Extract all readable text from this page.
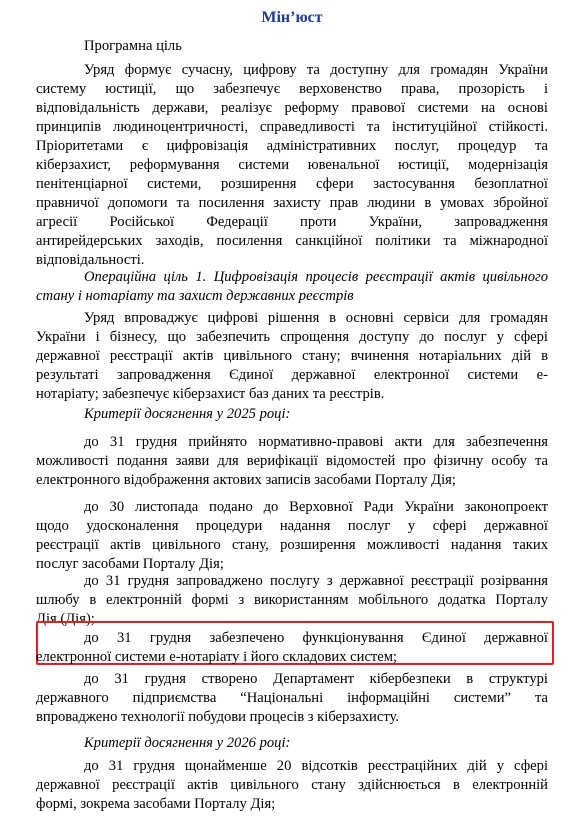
Мін’юст
Програмна ціль
Уряд формує сучасну, цифрову та доступну для громадян України
систему юстиції, що забезпечує верховенство права, прозорість і
відповідальність держави, реалізує реформу правової системи на основі
принципів людиноцентричності, справедливості та інституційної стійкості.
Пріоритетами є цифровізація адміністративних послуг, процедур та
кіберзахист, реформування системи ювенальної юстиції, модернізація
пенітенціарної системи, розширення сфери застосування безоплатної
правничої допомоги та посилення захисту прав людини в умовах збройної
агресії Російської Федерації проти України, запровадження
антирейдерських заходів, посилення санкційної політики та міжнародної
відповідальності.
Операційна ціль 1. Цифровізація процесів реєстрації актів цивільного
стану і нотаріату та захист державних реєстрів
Уряд впроваджує цифрові рішення в основні сервіси для громадян
України і бізнесу, що забезпечить спрощення доступу до послуг у сфері
державної реєстрації актів цивільного стану; вчинення нотаріальних дій в
результаті запровадження Єдиної державної електронної системи е-
нотаріату; забезпечує кіберзахист баз даних та реєстрів.
Критерії досягнення у 2025 році:
до 31 грудня прийнято нормативно-правові акти для забезпечення
можливості подання заяви для верифікації відомостей про фізичну особу та
електронного відображення актових записів засобами Порталу Дія;
до 30 листопада подано до Верховної Ради України законопроект
щодо удосконалення процедури надання послуг у сфері державної
реєстрації актів цивільного стану, розширення можливості надання таких
послуг засобами Порталу Дія;
до 31 грудня запроваджено послугу з державної реєстрації розірвання
шлюбу в електронній формі з використанням мобільного додатка Порталу
Дія (Дія);
до 31 грудня забезпечено функціонування Єдиної державної
електронної системи е-нотаріату і його складових систем;
до 31 грудня створено Департамент кібербезпеки в структурі
державного підприємства “Національні інформаційні системи” та
впроваджено технології побудови процесів з кіберзахисту.
Критерії досягнення у 2026 році:
до 31 грудня щонайменше 20 відсотків реєстраційних дій у сфері
державної реєстрації актів цивільного стану здійснюється в електронній
формі, зокрема засобами Порталу Дія;
